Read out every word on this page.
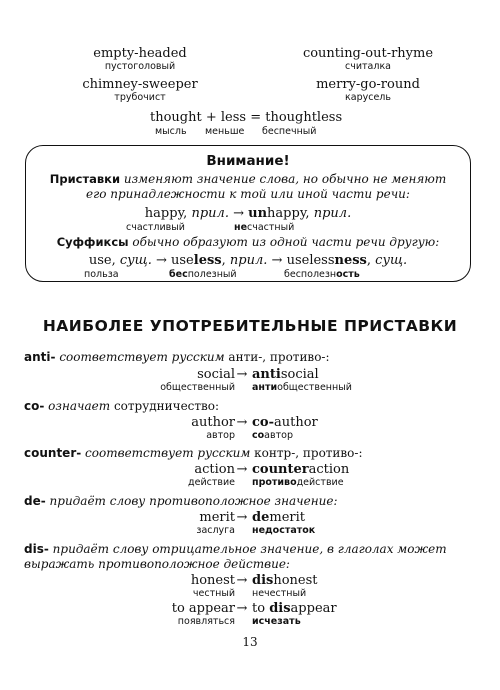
empty-headed
пустоголовый
counting-out-rhyme
считалка
chimney-sweeper
трубочист
merry-go-round
карусель
thought + less = thoughtless
мысль меньше беспечный
Внимание!
Приставки изменяют значение слова, но обычно не меняют
его принадлежности к той или иной части речи:
happy, прил. → unhappy, прил.
счастливый	несчастный
Суффиксы обычно образуют из одной части речи другую:
use, сущ. → useless, прил. → uselessness, сущ.
польза	бесполезный	бесполезность
НАИБОЛЕЕ УПОТРЕБИТЕЛЬНЫЕ ПРИСТАВКИ
anti- соответствует русским анти-, противо-:
social → antisocial
общественный антиобщественный
co- означает сотрудничество:
author → co-author
автор соавтор
counter- соответствует русским контр-, противо-:
action → counteraction
действие противодействие
de- придаёт слову противоположное значение:
merit → demerit
заслуга недостаток
dis- придаёт слову отрицательное значение, в глаголах может
выражать противоположное действие:
honest → dishonest
честный нечестный
to appear → to disappear
появляться исчезать
13
